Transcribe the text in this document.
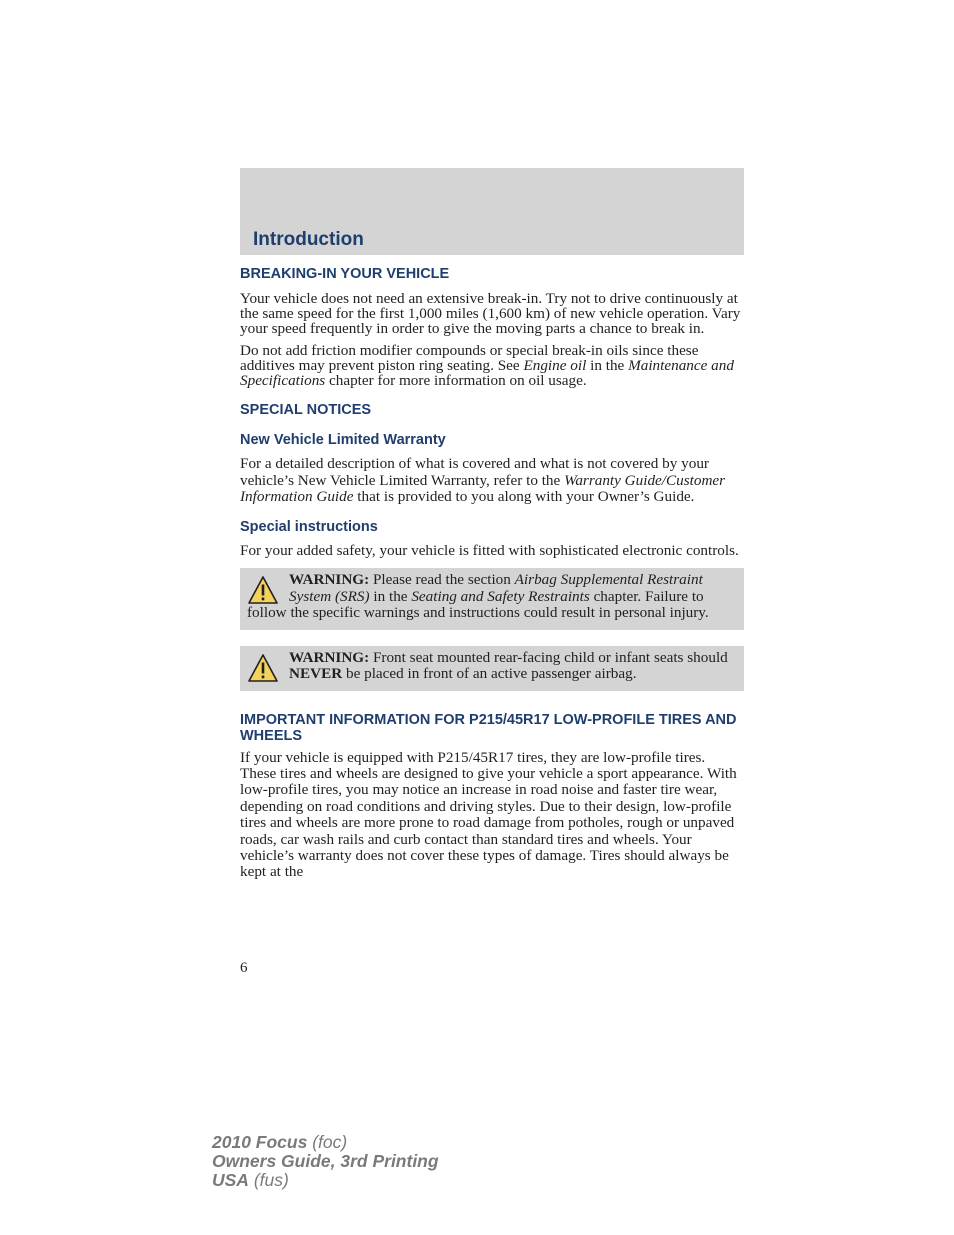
Introduction
BREAKING-IN YOUR VEHICLE

Your vehicle does not need an extensive break-in. Try not to drive continuously at the same speed for the first 1,000 miles (1,600 km) of new vehicle operation. Vary your speed frequently in order to give the moving parts a chance to break in.

Do not add friction modifier compounds or special break-in oils since these additives may prevent piston ring seating. See Engine oil in the Maintenance and Specifications chapter for more information on oil usage.

SPECIAL NOTICES
New Vehicle Limited Warranty

For a detailed description of what is covered and what is not covered by your vehicle’s New Vehicle Limited Warranty, refer to the Warranty Guide/Customer Information Guide that is provided to you along with your Owner’s Guide.

Special instructions

For your added safety, your vehicle is fitted with sophisticated electronic controls.

WARNING: Please read the section Airbag Supplemental Restraint System (SRS) in the Seating and Safety Restraints chapter. Failure to follow the specific warnings and instructions could result in personal injury.

WARNING: Front seat mounted rear-facing child or infant seats should NEVER be placed in front of an active passenger airbag.

IMPORTANT INFORMATION FOR P215/45R17 LOW-PROFILE TIRES AND WHEELS

If your vehicle is equipped with P215/45R17 tires, they are low-profile tires. These tires and wheels are designed to give your vehicle a sport appearance. With low-profile tires, you may notice an increase in road noise and faster tire wear, depending on road conditions and driving styles. Due to their design, low-profile tires and wheels are more prone to road damage from potholes, rough or unpaved roads, car wash rails and curb contact than standard tires and wheels. Your vehicle’s warranty does not cover these types of damage. Tires should always be kept at the

6
2010 Focus (foc)
Owners Guide, 3rd Printing
USA (fus)
